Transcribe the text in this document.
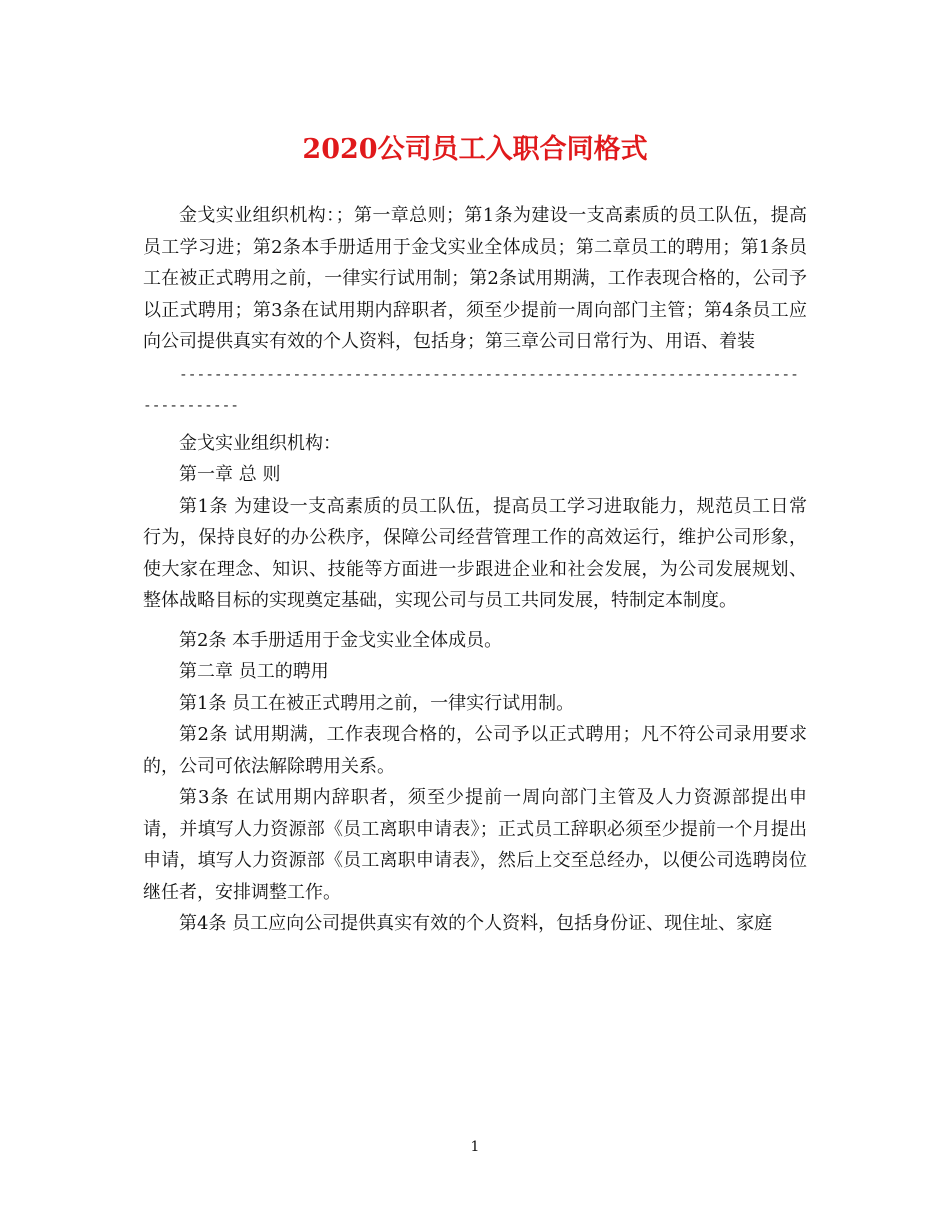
2020公司员工入职合同格式

金戈实业组织机构：；第一章总则；第1条为建设一支高素质的员工队伍，提高员工学习进；第2条本手册适用于金戈实业全体成员；第二章员工的聘用；第1条员工在被正式聘用之前，一律实行试用制；第2条试用期满，工作表现合格的，公司予以正式聘用；第3条在试用期内辞职者，须至少提前一周向部门主管；第4条员工应向公司提供真实有效的个人资料，包括身；第三章公司日常行为、用语、着装

----------------------------------------------------------------------------------

金戈实业组织机构：

第一章 总 则

第1条 为建设一支高素质的员工队伍，提高员工学习进取能力，规范员工日常行为，保持良好的办公秩序，保障公司经营管理工作的高效运行，维护公司形象，使大家在理念、知识、技能等方面进一步跟进企业和社会发展，为公司发展规划、整体战略目标的实现奠定基础，实现公司与员工共同发展，特制定本制度。

第2条 本手册适用于金戈实业全体成员。

第二章 员工的聘用

第1条 员工在被正式聘用之前，一律实行试用制。

第2条 试用期满，工作表现合格的，公司予以正式聘用；凡不符公司录用要求的，公司可依法解除聘用关系。

第3条 在试用期内辞职者，须至少提前一周向部门主管及人力资源部提出申请，并填写人力资源部《员工离职申请表》；正式员工辞职必须至少提前一个月提出申请，填写人力资源部《员工离职申请表》，然后上交至总经办，以便公司选聘岗位继任者，安排调整工作。

第4条 员工应向公司提供真实有效的个人资料，包括身份证、现住址、家庭

1
